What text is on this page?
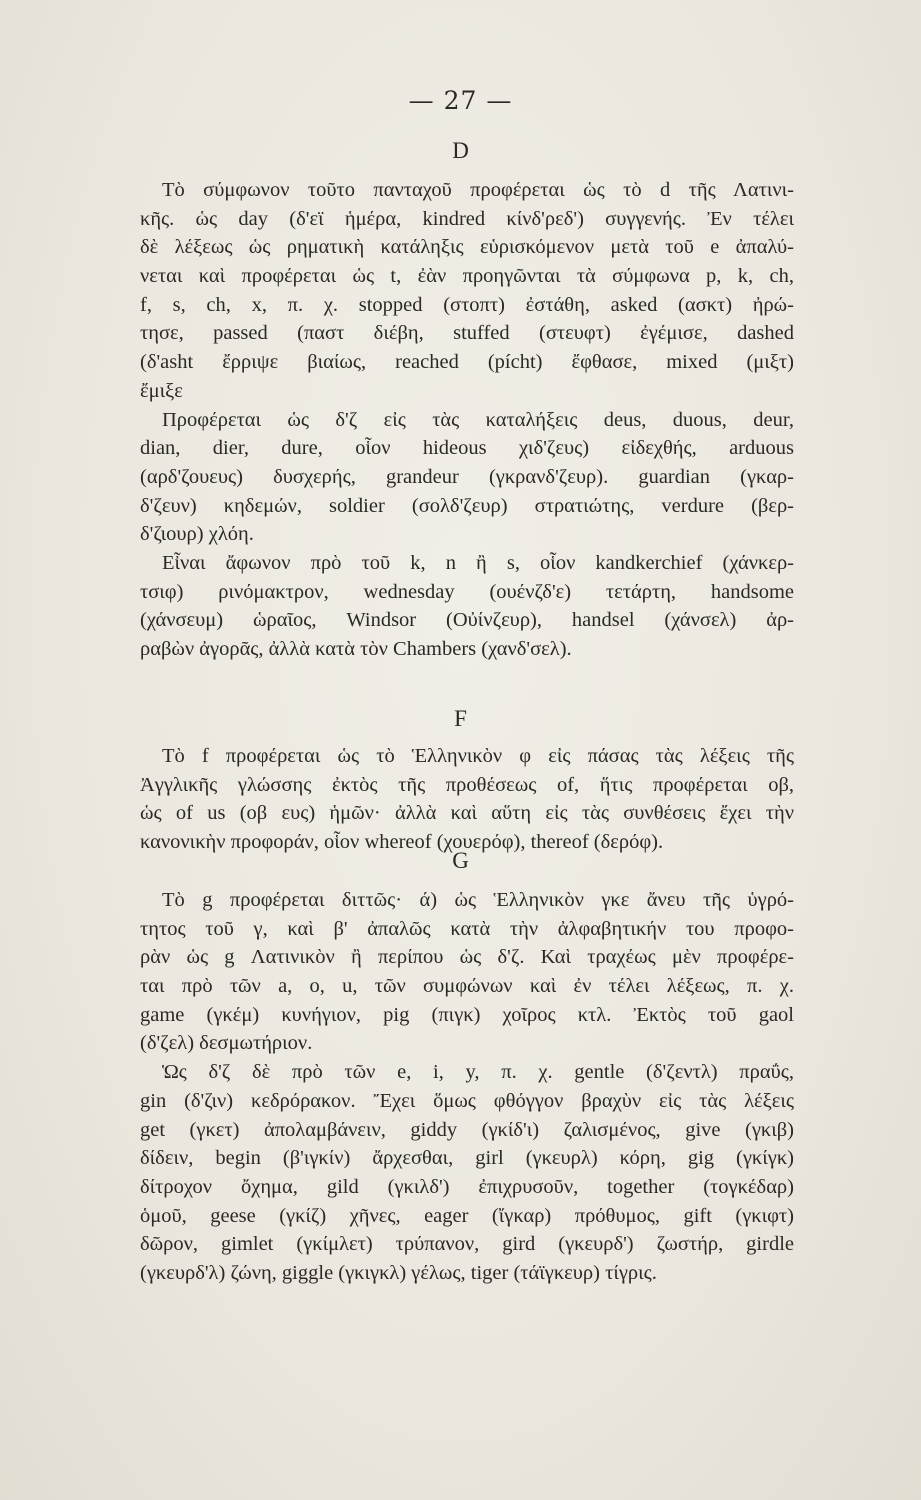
— 27 —
D
Τὸ σύμφωνον τοῦτο πανταχοῦ προφέρεται ὡς τὸ d τῆς Λατινι-
κῆς. ὡς day (δ'εϊ ἡμέρα, kindred κίνδ'ρεδ') συγγενής. Ἐν τέλει
δὲ λέξεως ὡς ρηματικὴ κατάληξις εὑρισκόμενον μετὰ τοῦ e ἀπαλύ-
νεται καὶ προφέρεται ὡς t, ἐὰν προηγῶνται τὰ σύμφωνα p, k, ch,
f, s, ch, x, π. χ. stopped (στοπτ) ἐστάθη, asked (ασκτ) ἠρώ-
τησε, passed (παστ διέβη, stuffed (στευφτ) ἐγέμισε, dashed
(δ'asht ἔρριψε βιαίως, reached (pícht) ἔφθασε, mixed (μιξτ)
ἔμιξε
Προφέρεται ὡς δ'ζ εἰς τὰς καταλήξεις deus, duous, deur,
dian, dier, dure, οἷον hideous χιδ'ζευς) εἰδεχθής, arduous
(αρδ'ζουευς) δυσχερής, grandeur (γκρανδ'ζευρ). guardian (γκαρ-
δ'ζευν) κηδεμών, soldier (σολδ'ζευρ) στρατιώτης, verdure (βερ-
δ'ζιουρ) χλόη.
Εἶναι ἄφωνον πρὸ τοῦ k, n ἢ s, οἷον kandkerchief (χάνκερ-
τσιφ) ρινόμακτρον, wednesday (ουένζδ'ε) τετάρτη, handsome
(χάνσευμ) ὡραῖος, Windsor (Οὐίνζευρ), handsel (χάνσελ) ἀρ-
ραβὼν ἀγορᾶς, ἀλλὰ κατὰ τὸν Chambers (χανδ'σελ).
F
Τὸ f προφέρεται ὡς τὸ Ἑλληνικὸν φ εἰς πάσας τὰς λέξεις τῆς
Ἀγγλικῆς γλώσσης ἐκτὸς τῆς προθέσεως of, ἥτις προφέρεται οβ,
ὡς of us (οβ ευς) ἡμῶν· ἀλλὰ καὶ αὕτη εἰς τὰς συνθέσεις ἔχει τὴν
κανονικὴν προφοράν, οἷον whereof (χουερόφ), thereof (δερόφ).
G
Τὸ g προφέρεται διττῶς· ά) ὡς Ἑλληνικὸν γκε ἄνευ τῆς ὑγρό-
τητος τοῦ γ, καὶ β' ἀπαλῶς κατὰ τὴν ἀλφαβητικήν του προφο-
ρὰν ὡς g Λατινικὸν ἢ περίπου ὡς δ'ζ. Καὶ τραχέως μὲν προφέρε-
ται πρὸ τῶν a, o, u, τῶν συμφώνων καὶ ἐν τέλει λέξεως, π. χ.
game (γκέμ) κυνήγιον, pig (πιγκ) χοῖρος κτλ. Ἐκτὸς τοῦ gaol
(δ'ζελ) δεσμωτήριον.
Ὡς δ'ζ δὲ πρὸ τῶν e, i, y, π. χ. gentle (δ'ζεντλ) πραΰς,
gin (δ'ζιν) κεδρόρακον. Ἔχει ὅμως φθόγγον βραχὺν εἰς τὰς λέξεις
get (γκετ) ἀπολαμβάνειν, giddy (γκίδ'ι) ζαλισμένος, give (γκιβ)
δίδειν, begin (β'ιγκίν) ἄρχεσθαι, girl (γκευρλ) κόρη, gig (γκίγκ)
δίτροχον ὄχημα, gild (γκιλδ') ἐπιχρυσοῦν, together (τογκέδαρ)
ὁμοῦ, geese (γκίζ) χῆνες, eager (ἴγκαρ) πρόθυμος, gift (γκιφτ)
δῶρον, gimlet (γκίμλετ) τρύπανον, gird (γκευρδ') ζωστήρ, girdle
(γκευρδ'λ) ζώνη, giggle (γκιγκλ) γέλως, tiger (τάϊγκευρ) τίγρις.
